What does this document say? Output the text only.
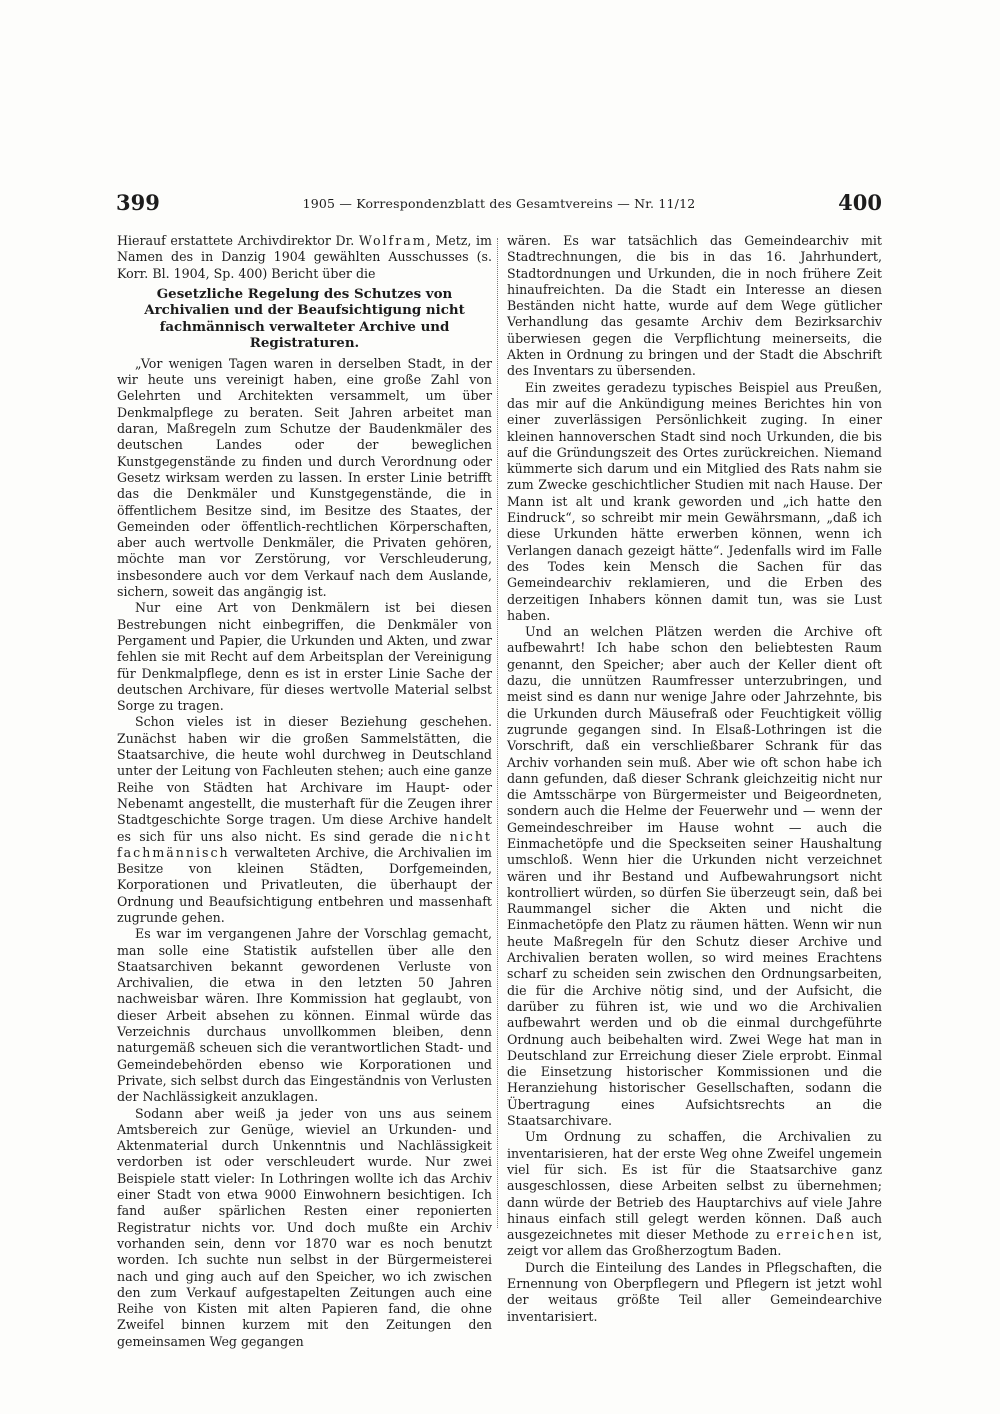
399	1905 — Korrespondenzblatt des Gesamtvereins — Nr. 11/12	400

Hierauf erstattete Archivdirektor Dr. Wolfram, Metz, im Namen des in Danzig 1904 gewählten Ausschusses (s. Korr. Bl. 1904, Sp. 400) Bericht über die

Gesetzliche Regelung des Schutzes von Archivalien und der Beaufsichtigung nicht fachmännisch verwalteter Archive und Registraturen.

„Vor wenigen Tagen waren in derselben Stadt, in der wir heute uns vereinigt haben, eine große Zahl von Gelehrten und Architekten versammelt, um über Denkmalpflege zu beraten. Seit Jahren arbeitet man daran, Maßregeln zum Schutze der Baudenkmäler des deutschen Landes oder der beweglichen Kunstgegenstände zu finden und durch Verordnung oder Gesetz wirksam werden zu lassen. In erster Linie betrifft das die Denkmäler und Kunstgegenstände, die in öffentlichem Besitze sind, im Besitze des Staates, der Gemeinden oder öffentlich-rechtlichen Körperschaften, aber auch wertvolle Denkmäler, die Privaten gehören, möchte man vor Zerstörung, vor Verschleuderung, insbesondere auch vor dem Verkauf nach dem Auslande, sichern, soweit das angängig ist.

Nur eine Art von Denkmälern ist bei diesen Bestrebungen nicht einbegriffen, die Denkmäler von Pergament und Papier, die Urkunden und Akten, und zwar fehlen sie mit Recht auf dem Arbeitsplan der Vereinigung für Denkmalpflege, denn es ist in erster Linie Sache der deutschen Archivare, für dieses wertvolle Material selbst Sorge zu tragen.

Schon vieles ist in dieser Beziehung geschehen. Zunächst haben wir die großen Sammelstätten, die Staatsarchive, die heute wohl durchweg in Deutschland unter der Leitung von Fachleuten stehen; auch eine ganze Reihe von Städten hat Archivare im Haupt- oder Nebenamt angestellt, die musterhaft für die Zeugen ihrer Stadtgeschichte Sorge tragen. Um diese Archive handelt es sich für uns also nicht. Es sind gerade die nicht fachmännisch verwalteten Archive, die Archivalien im Besitze von kleinen Städten, Dorfgemeinden, Korporationen und Privatleuten, die überhaupt der Ordnung und Beaufsichtigung entbehren und massenhaft zugrunde gehen.

Es war im vergangenen Jahre der Vorschlag gemacht, man solle eine Statistik aufstellen über alle den Staatsarchiven bekannt gewordenen Verluste von Archivalien, die etwa in den letzten 50 Jahren nachweisbar wären. Ihre Kommission hat geglaubt, von dieser Arbeit absehen zu können. Einmal würde das Verzeichnis durchaus unvollkommen bleiben, denn naturgemäß scheuen sich die verantwortlichen Stadt- und Gemeindebehörden ebenso wie Korporationen und Private, sich selbst durch das Eingeständnis von Verlusten der Nachlässigkeit anzuklagen.

Sodann aber weiß ja jeder von uns aus seinem Amtsbereich zur Genüge, wieviel an Urkunden- und Aktenmaterial durch Unkenntnis und Nachlässigkeit verdorben ist oder verschleudert wurde. Nur zwei Beispiele statt vieler: In Lothringen wollte ich das Archiv einer Stadt von etwa 9000 Einwohnern besichtigen. Ich fand außer spärlichen Resten einer reponierten Registratur nichts vor. Und doch mußte ein Archiv vorhanden sein, denn vor 1870 war es noch benutzt worden. Ich suchte nun selbst in der Bürgermeisterei nach und ging auch auf den Speicher, wo ich zwischen den zum Verkauf aufgestapelten Zeitungen auch eine Reihe von Kisten mit alten Papieren fand, die ohne Zweifel binnen kurzem mit den Zeitungen den gemeinsamen Weg gegangen

wären. Es war tatsächlich das Gemeindearchiv mit Stadtrechnungen, die bis in das 16. Jahrhundert, Stadtordnungen und Urkunden, die in noch frühere Zeit hinaufreichten. Da die Stadt ein Interesse an diesen Beständen nicht hatte, wurde auf dem Wege gütlicher Verhandlung das gesamte Archiv dem Bezirksarchiv überwiesen gegen die Verpflichtung meinerseits, die Akten in Ordnung zu bringen und der Stadt die Abschrift des Inventars zu übersenden.

Ein zweites geradezu typisches Beispiel aus Preußen, das mir auf die Ankündigung meines Berichtes hin von einer zuverlässigen Persönlichkeit zuging. In einer kleinen hannoverschen Stadt sind noch Urkunden, die bis auf die Gründungszeit des Ortes zurückreichen. Niemand kümmerte sich darum und ein Mitglied des Rats nahm sie zum Zwecke geschichtlicher Studien mit nach Hause. Der Mann ist alt und krank geworden und „ich hatte den Eindruck“, so schreibt mir mein Gewährsmann, „daß ich diese Urkunden hätte erwerben können, wenn ich Verlangen danach gezeigt hätte“. Jedenfalls wird im Falle des Todes kein Mensch die Sachen für das Gemeindearchiv reklamieren, und die Erben des derzeitigen Inhabers können damit tun, was sie Lust haben.

Und an welchen Plätzen werden die Archive oft aufbewahrt! Ich habe schon den beliebtesten Raum genannt, den Speicher; aber auch der Keller dient oft dazu, die unnützen Raumfresser unterzubringen, und meist sind es dann nur wenige Jahre oder Jahrzehnte, bis die Urkunden durch Mäusefraß oder Feuchtigkeit völlig zugrunde gegangen sind. In Elsaß-Lothringen ist die Vorschrift, daß ein verschließbarer Schrank für das Archiv vorhanden sein muß. Aber wie oft schon habe ich dann gefunden, daß dieser Schrank gleichzeitig nicht nur die Amtsschärpe von Bürgermeister und Beigeordneten, sondern auch die Helme der Feuerwehr und — wenn der Gemeindeschreiber im Hause wohnt — auch die Einmachetöpfe und die Speckseiten seiner Haushaltung umschloß. Wenn hier die Urkunden nicht verzeichnet wären und ihr Bestand und Aufbewahrungsort nicht kontrolliert würden, so dürfen Sie überzeugt sein, daß bei Raummangel sicher die Akten und nicht die Einmachetöpfe den Platz zu räumen hätten. Wenn wir nun heute Maßregeln für den Schutz dieser Archive und Archivalien beraten wollen, so wird meines Erachtens scharf zu scheiden sein zwischen den Ordnungsarbeiten, die für die Archive nötig sind, und der Aufsicht, die darüber zu führen ist, wie und wo die Archivalien aufbewahrt werden und ob die einmal durchgeführte Ordnung auch beibehalten wird. Zwei Wege hat man in Deutschland zur Erreichung dieser Ziele erprobt. Einmal die Einsetzung historischer Kommissionen und die Heranziehung historischer Gesellschaften, sodann die Übertragung eines Aufsichtsrechts an die Staatsarchivare.

Um Ordnung zu schaffen, die Archivalien zu inventarisieren, hat der erste Weg ohne Zweifel ungemein viel für sich. Es ist für die Staatsarchive ganz ausgeschlossen, diese Arbeiten selbst zu übernehmen; dann würde der Betrieb des Hauptarchivs auf viele Jahre hinaus einfach still gelegt werden können. Daß auch ausgezeichnetes mit dieser Methode zu erreichen ist, zeigt vor allem das Großherzogtum Baden.

Durch die Einteilung des Landes in Pflegschaften, die Ernennung von Oberpflegern und Pflegern ist jetzt wohl der weitaus größte Teil aller Gemeindearchive inventarisiert.
